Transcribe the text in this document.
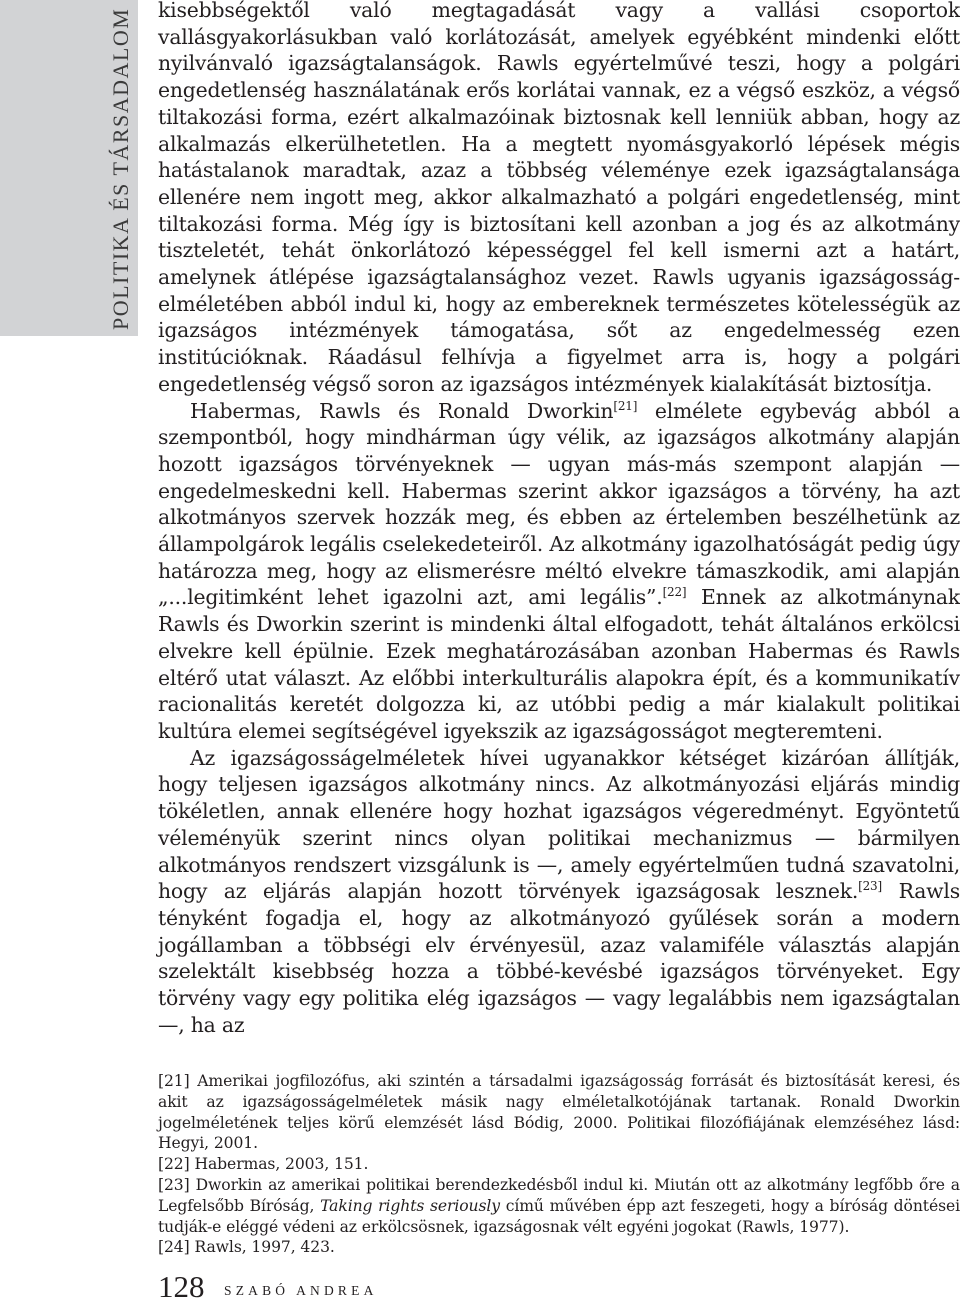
POLITIKA ÉS TÁRSADALOM kisebbségektől való megtagadását vagy a vallási csoportok vallásgyakorlásukban való korlátozását, amelyek egyébként mindenki előtt nyilvánvaló igazságtalanságok. Rawls egyértelművé teszi, hogy a polgári engedetlenség használatának erős korlátai vannak, ez a végső eszköz, a végső tiltakozási forma, ezért alkalmazóinak biztosnak kell lenniük abban, hogy az alkalmazás elkerülhetetlen. Ha a megtett nyomásgyakorló lépések mégis hatástalanok maradtak, azaz a többség véleménye ezek igazságtalansága ellenére nem ingott meg, akkor alkalmazható a polgári engedetlenség, mint tiltakozási forma. Még így is biztosítani kell azonban a jog és az alkotmány tiszteletét, tehát önkorlátozó képességgel fel kell ismerni azt a határt, amelynek átlépése igazságtalansághoz vezet. Rawls ugyanis igazságosság-elméletében abból indul ki, hogy az embereknek természetes kötelességük az igazságos intézmények támogatása, sőt az engedelmesség ezen institúcióknak. Ráadásul felhívja a figyelmet arra is, hogy a polgári engedetlenség végső soron az igazságos intézmények kialakítását biztosítja.

Habermas, Rawls és Ronald Dworkin[21] elmélete egybevág abból a szempontból, hogy mindhárman úgy vélik, az igazságos alkotmány alapján hozott igazságos törvényeknek — ugyan más-más szempont alapján — engedelmeskedni kell. Habermas szerint akkor igazságos a törvény, ha azt alkotmányos szervek hozzák meg, és ebben az értelemben beszélhetünk az állampolgárok legális cselekedeteiről. Az alkotmány igazolhatóságát pedig úgy határozza meg, hogy az elismerésre méltó elvekre támaszkodik, ami alapján „...legitimként lehet igazolni azt, ami legális”.[22] Ennek az alkotmánynak Rawls és Dworkin szerint is mindenki által elfogadott, tehát általános erkölcsi elvekre kell épülnie. Ezek meghatározásában azonban Habermas és Rawls eltérő utat választ. Az előbbi interkulturális alapokra épít, és a kommunikatív racionalitás keretét dolgozza ki, az utóbbi pedig a már kialakult politikai kultúra elemei segítségével igyekszik az igazságosságot megteremteni.

Az igazságosságelméletek hívei ugyanakkor kétséget kizáróan állítják, hogy teljesen igazságos alkotmány nincs. Az alkotmányozási eljárás mindig tökéletlen, annak ellenére hogy hozhat igazságos végeredményt. Egyöntetű véleményük szerint nincs olyan politikai mechanizmus — bármilyen alkotmányos rendszert vizsgálunk is —, amely egyértelműen tudná szavatolni, hogy az eljárás alapján hozott törvények igazságosak lesznek.[23] Rawls tényként fogadja el, hogy az alkotmányozó gyűlések során a modern jogállamban a többségi elv érvényesül, azaz valamiféle választás alapján szelektált kisebbség hozza a többé-kevésbé igazságos törvényeket. Egy törvény vagy egy politika elég igazságos — vagy legalábbis nem igazságtalan —, ha az

[21] Amerikai jogfilozófus, aki szintén a társadalmi igazságosság forrását és biztosítását keresi, és akit az igazságosságelméletek másik nagy elméletalkotójának tartanak. Ronald Dworkin jogelméletének teljes körű elemzését lásd Bódig, 2000. Politikai filozófiájának elemzéséhez lásd: Hegyi, 2001.

[22] Habermas, 2003, 151.

[23] Dworkin az amerikai politikai berendezkedésből indul ki. Miután ott az alkotmány legfőbb őre a Legfelsőbb Bíróság, Taking rights seriously című művében épp azt feszegeti, hogy a bíróság döntései tudják-e eléggé védeni az erkölcsösnek, igazságosnak vélt egyéni jogokat (Rawls, 1977).

[24] Rawls, 1997, 423.

128 SZABÓ ANDREA
